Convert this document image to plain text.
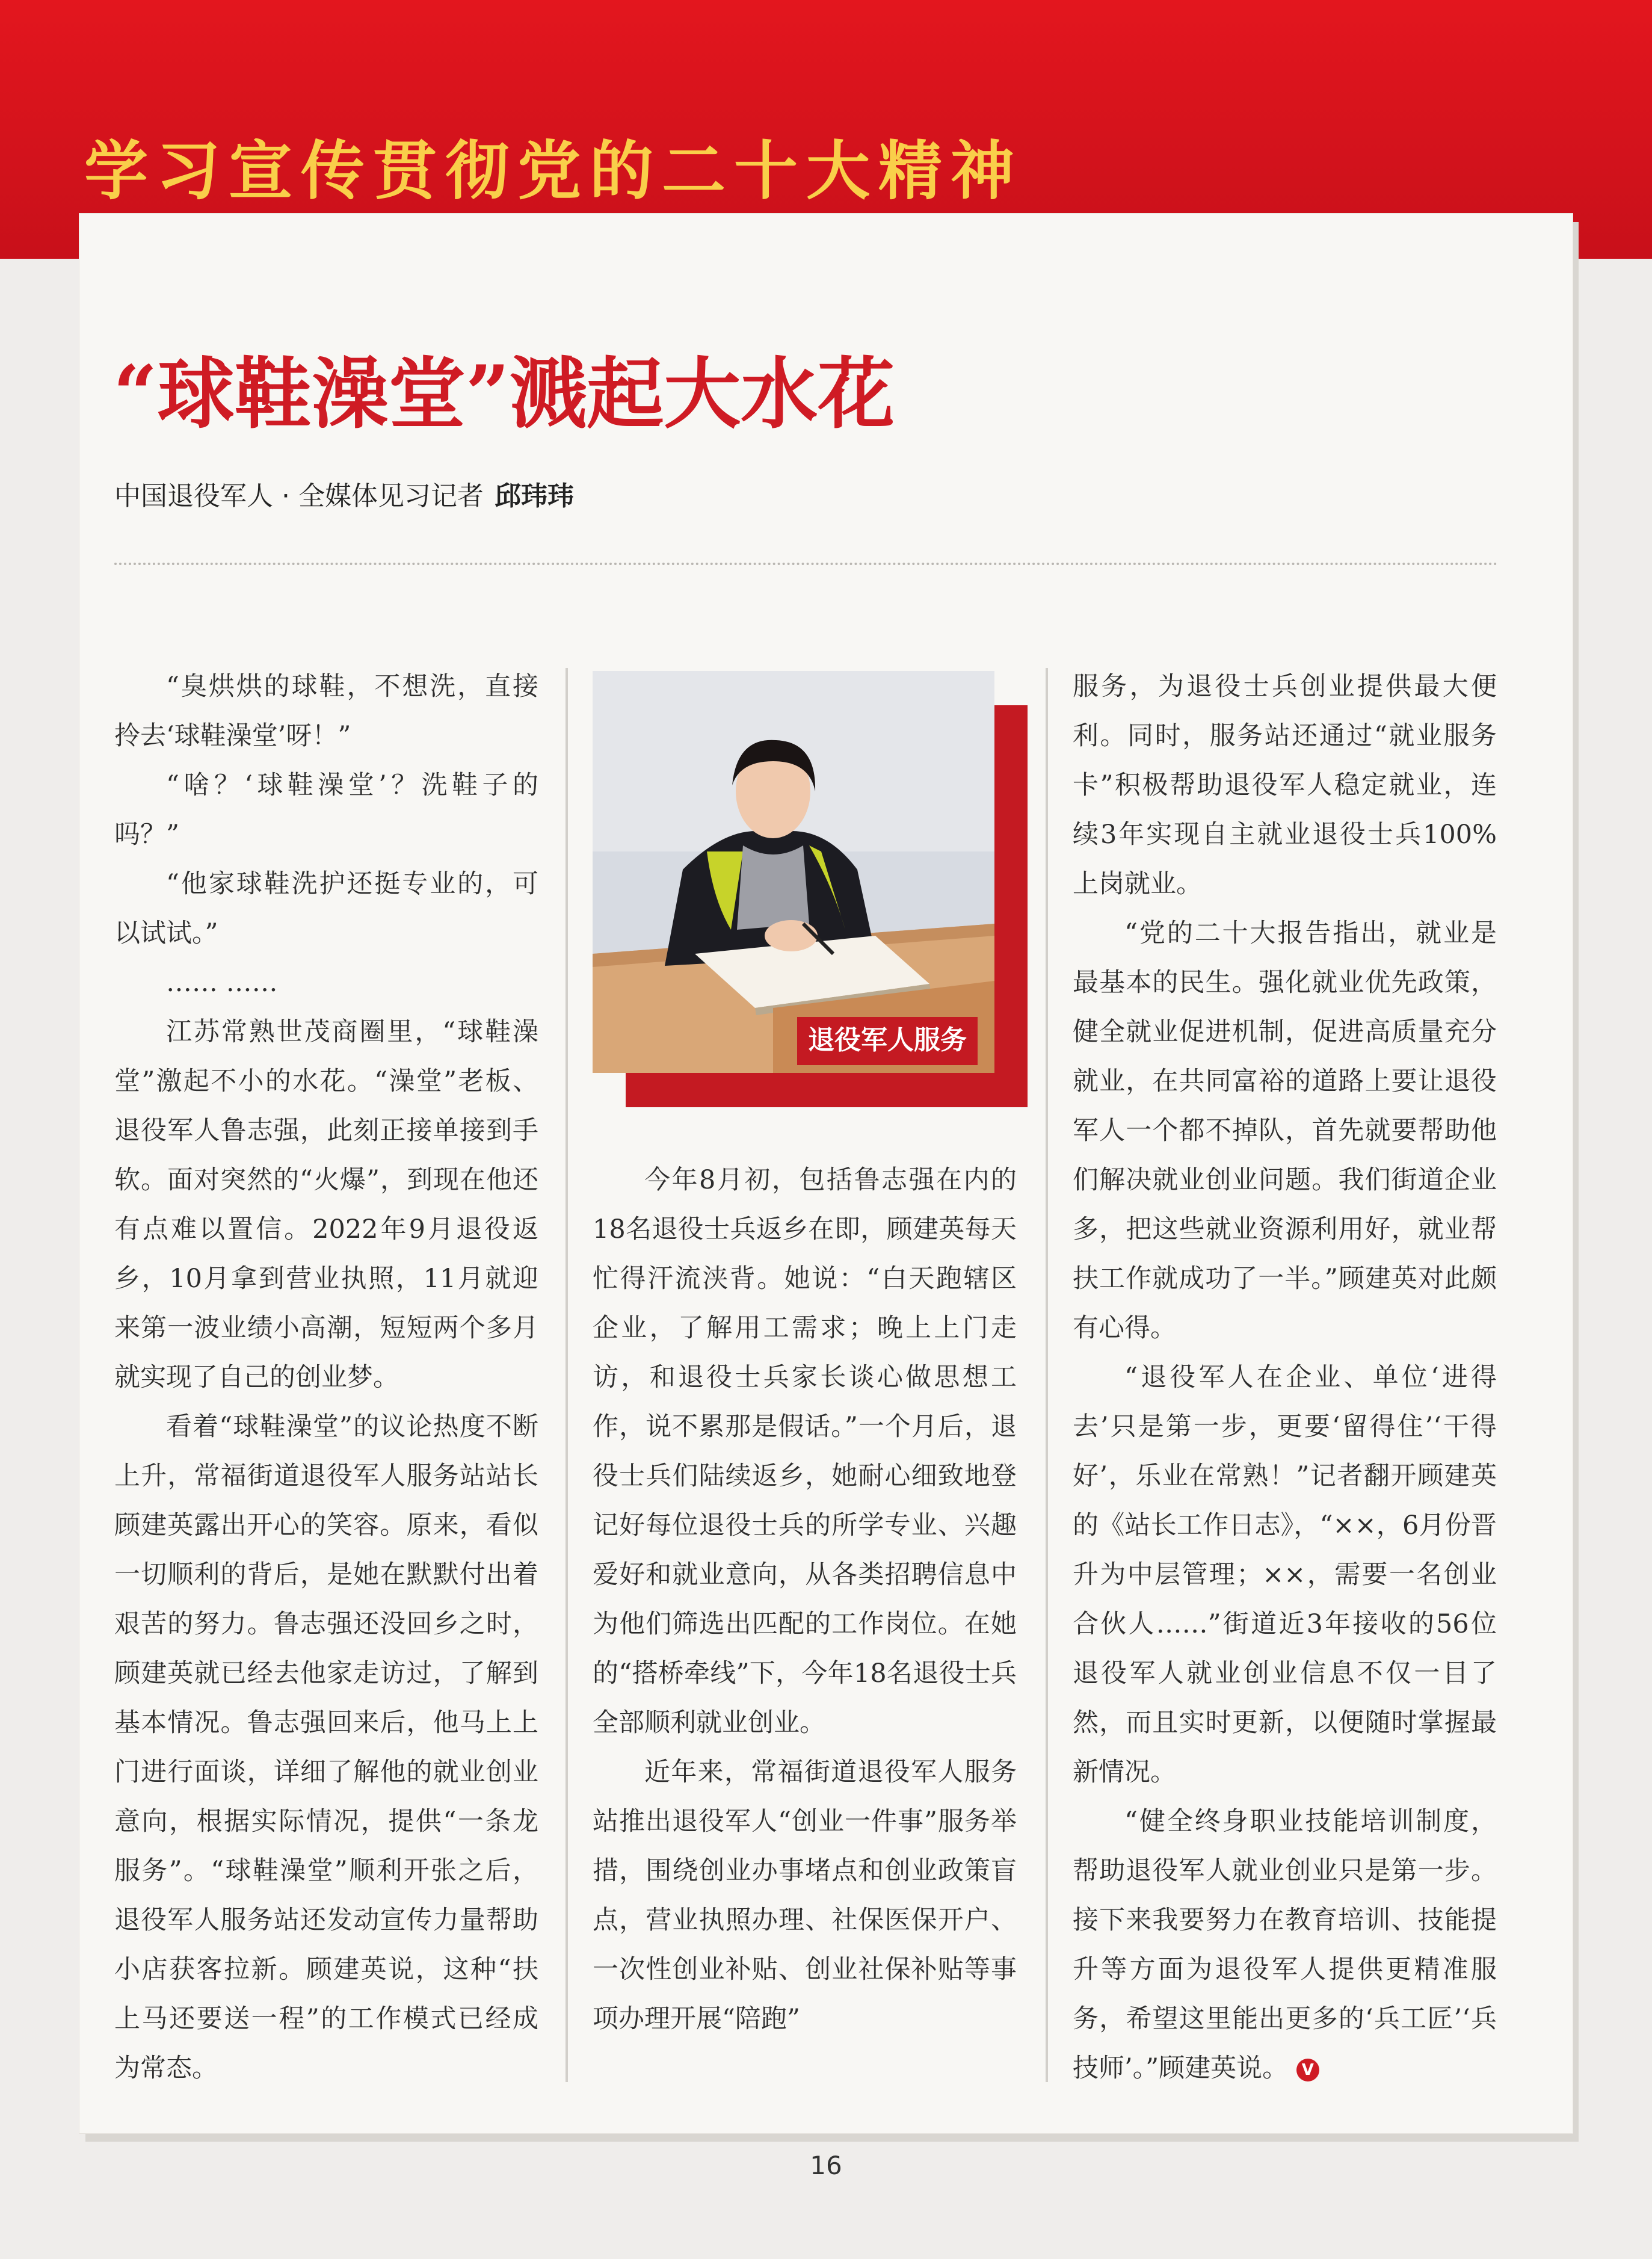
学习宣传贯彻党的二十大精神
“球鞋澡堂”溅起大水花
中国退役军人 · 全媒体见习记者 邱玮玮

“臭烘烘的球鞋，不想洗，直接拎去‘球鞋澡堂’呀！”

“啥？‘球鞋澡堂’？洗鞋子的吗？”

“他家球鞋洗护还挺专业的，可以试试。”

…… ……

江苏常熟世茂商圈里，“球鞋澡堂”激起不小的水花。“澡堂”老板、退役军人鲁志强，此刻正接单接到手软。面对突然的“火爆”，到现在他还有点难以置信。2022年9月退役返乡，10月拿到营业执照，11月就迎来第一波业绩小高潮，短短两个多月就实现了自己的创业梦。

看着“球鞋澡堂”的议论热度不断上升，常福街道退役军人服务站站长顾建英露出开心的笑容。原来，看似一切顺利的背后，是她在默默付出着艰苦的努力。鲁志强还没回乡之时，顾建英就已经去他家走访过，了解到基本情况。鲁志强回来后，他马上上门进行面谈，详细了解他的就业创业意向，根据实际情况，提供“一条龙服务”。“球鞋澡堂”顺利开张之后，退役军人服务站还发动宣传力量帮助小店获客拉新。顾建英说，这种“扶上马还要送一程”的工作模式已经成为常态。

退役军人服务

今年8月初，包括鲁志强在内的18名退役士兵返乡在即，顾建英每天忙得汗流浃背。她说：“白天跑辖区企业，了解用工需求；晚上上门走访，和退役士兵家长谈心做思想工作，说不累那是假话。”一个月后，退役士兵们陆续返乡，她耐心细致地登记好每位退役士兵的所学专业、兴趣爱好和就业意向，从各类招聘信息中为他们筛选出匹配的工作岗位。在她的“搭桥牵线”下，今年18名退役士兵全部顺利就业创业。

近年来，常福街道退役军人服务站推出退役军人“创业一件事”服务举措，围绕创业办事堵点和创业政策盲点，营业执照办理、社保医保开户、一次性创业补贴、创业社保补贴等事项办理开展“陪跑”

服务，为退役士兵创业提供最大便利。同时，服务站还通过“就业服务卡”积极帮助退役军人稳定就业，连续3年实现自主就业退役士兵100%上岗就业。

“党的二十大报告指出，就业是最基本的民生。强化就业优先政策，健全就业促进机制，促进高质量充分就业，在共同富裕的道路上要让退役军人一个都不掉队，首先就要帮助他们解决就业创业问题。我们街道企业多，把这些就业资源利用好，就业帮扶工作就成功了一半。”顾建英对此颇有心得。

“退役军人在企业、单位‘进得去’只是第一步，更要‘留得住’‘干得好’，乐业在常熟！”记者翻开顾建英的《站长工作日志》，“××，6月份晋升为中层管理；××，需要一名创业合伙人……”街道近3年接收的56位退役军人就业创业信息不仅一目了然，而且实时更新，以便随时掌握最新情况。

“健全终身职业技能培训制度，帮助退役军人就业创业只是第一步。接下来我要努力在教育培训、技能提升等方面为退役军人提供更精准服务，希望这里能出更多的‘兵工匠’‘兵技师’。”顾建英说。 V

16
